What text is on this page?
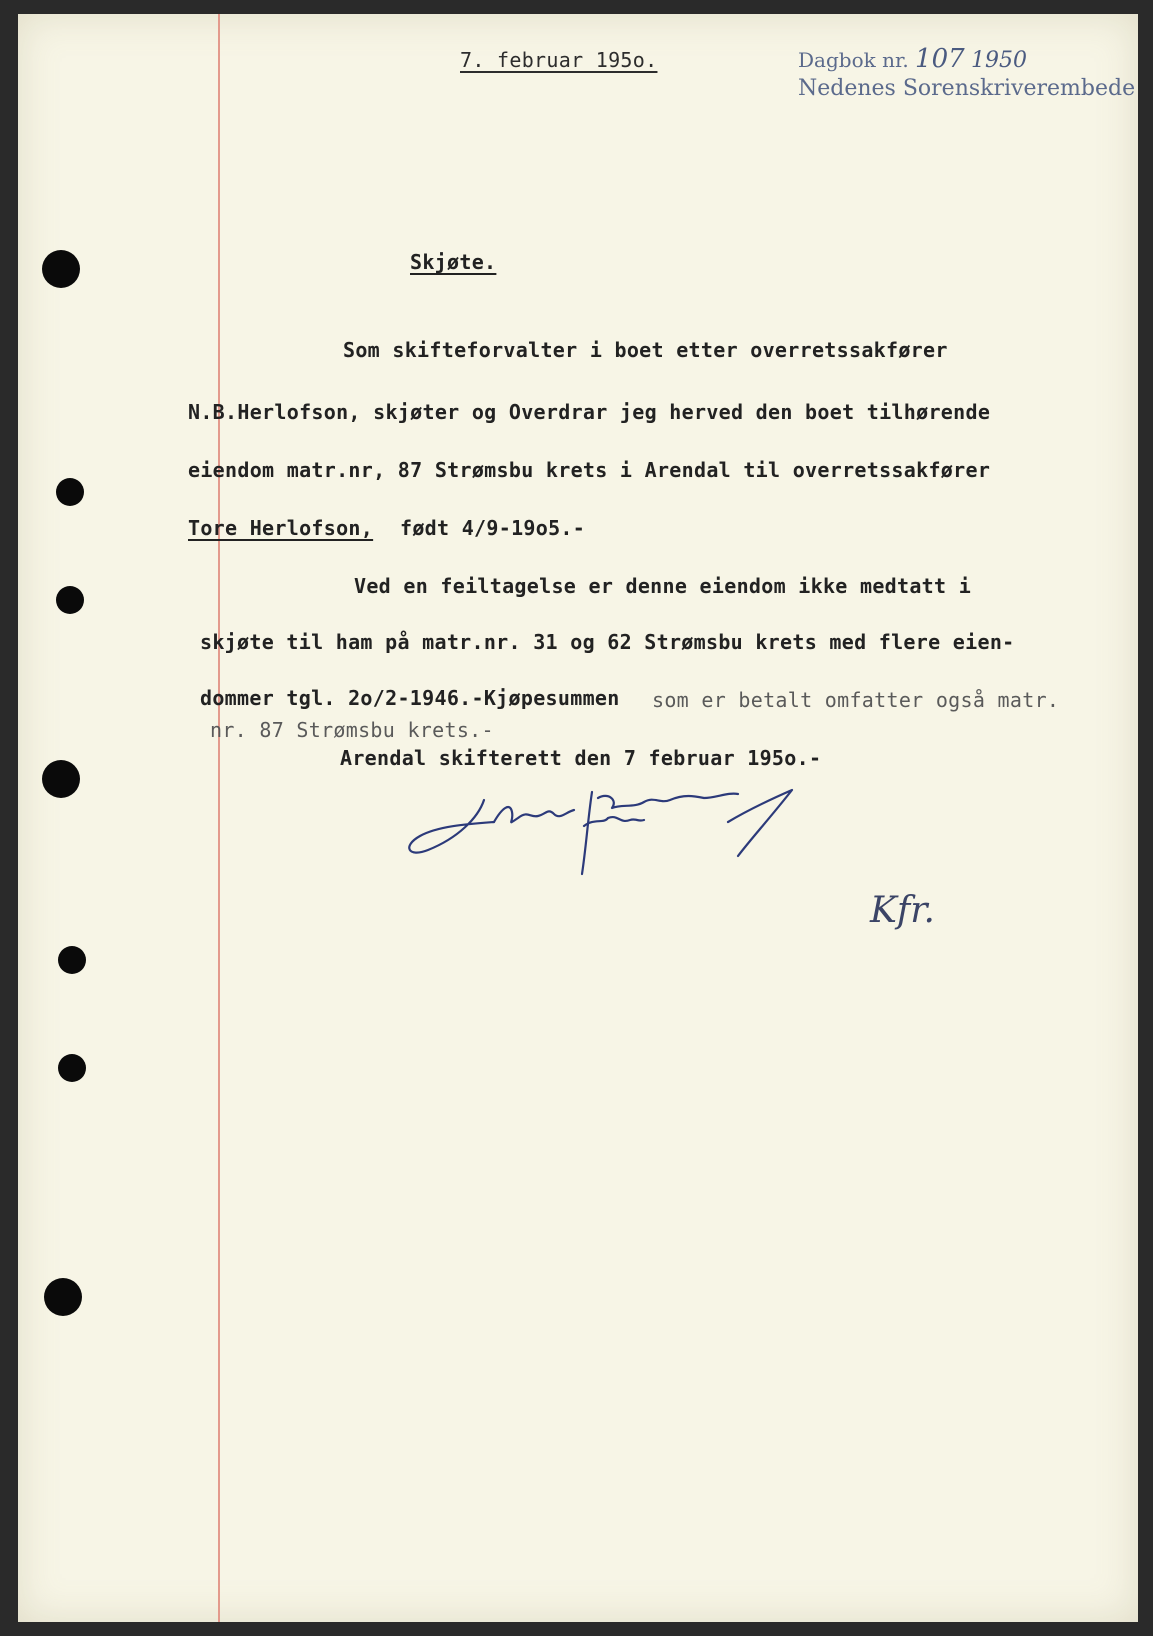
7. februar 195o.	Dagbok nr. 107 1950
Nedenes Sorenskriverembede
Skjøte.
Som skifteforvalter i boet etter overretssakfører
N.B.Herlofson, skjøter og Overdrar jeg herved den boet tilhørende
eiendom matr.nr, 87 Strømsbu krets i Arendal til overretssakfører
Tore Herlofson, født 4/9-19o5.-
Ved en feiltagelse er denne eiendom ikke medtatt i
skjøte til ham på matr.nr. 31 og 62 Strømsbu krets med flere eien-
dommer tgl. 2o/2-1946.-Kjøpesummen som er betalt omfatter også matr.
nr. 87 Strømsbu krets.-
Arendal skifterett den 7 februar 195o.-
Kfr.
